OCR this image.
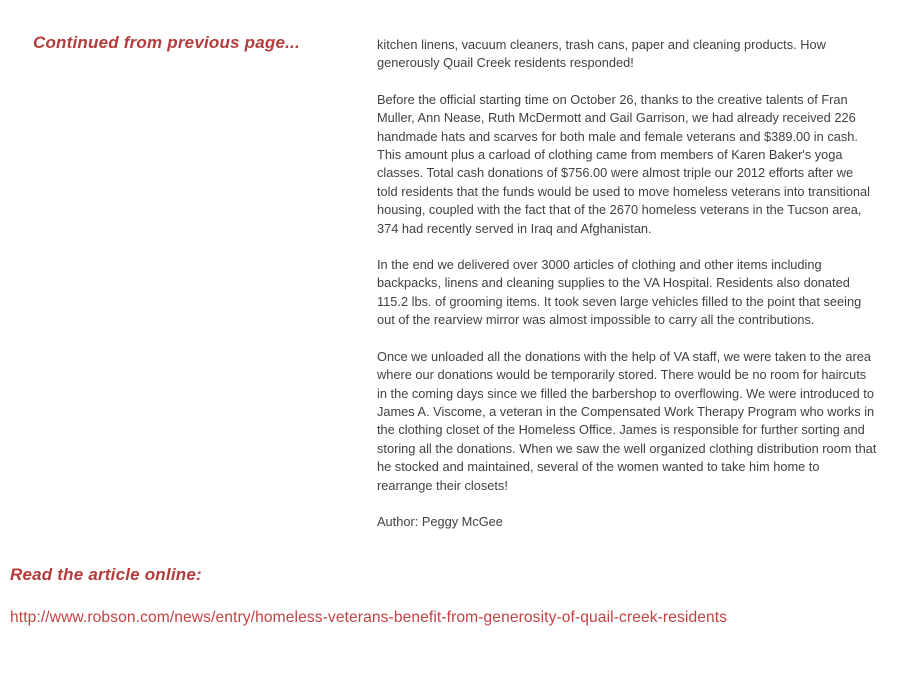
Continued from previous page...	kitchen linens, vacuum cleaners, trash cans, paper and cleaning products. How generously Quail Creek residents responded!

Before the official starting time on October 26, thanks to the creative talents of Fran Muller, Ann Nease, Ruth McDermott and Gail Garrison, we had already received 226 handmade hats and scarves for both male and female veterans and $389.00 in cash. This amount plus a carload of clothing came from members of Karen Baker's yoga classes. Total cash donations of $756.00 were almost triple our 2012 efforts after we told residents that the funds would be used to move homeless veterans into transitional housing, coupled with the fact that of the 2670 homeless veterans in the Tucson area, 374 had recently served in Iraq and Afghanistan.

In the end we delivered over 3000 articles of clothing and other items including backpacks, linens and cleaning supplies to the VA Hospital. Residents also donated 115.2 lbs. of grooming items. It took seven large vehicles filled to the point that seeing out of the rearview mirror was almost impossible to carry all the contributions.

Once we unloaded all the donations with the help of VA staff, we were taken to the area where our donations would be temporarily stored. There would be no room for haircuts in the coming days since we filled the barbershop to overflowing. We were introduced to James A. Viscome, a veteran in the Compensated Work Therapy Program who works in the clothing closet of the Homeless Office. James is responsible for further sorting and storing all the donations. When we saw the well organized clothing distribution room that he stocked and maintained, several of the women wanted to take him home to rearrange their closets!

Author: Peggy McGee

Read the article online:
http://www.robson.com/news/entry/homeless-veterans-benefit-from-generosity-of-quail-creek-residents
